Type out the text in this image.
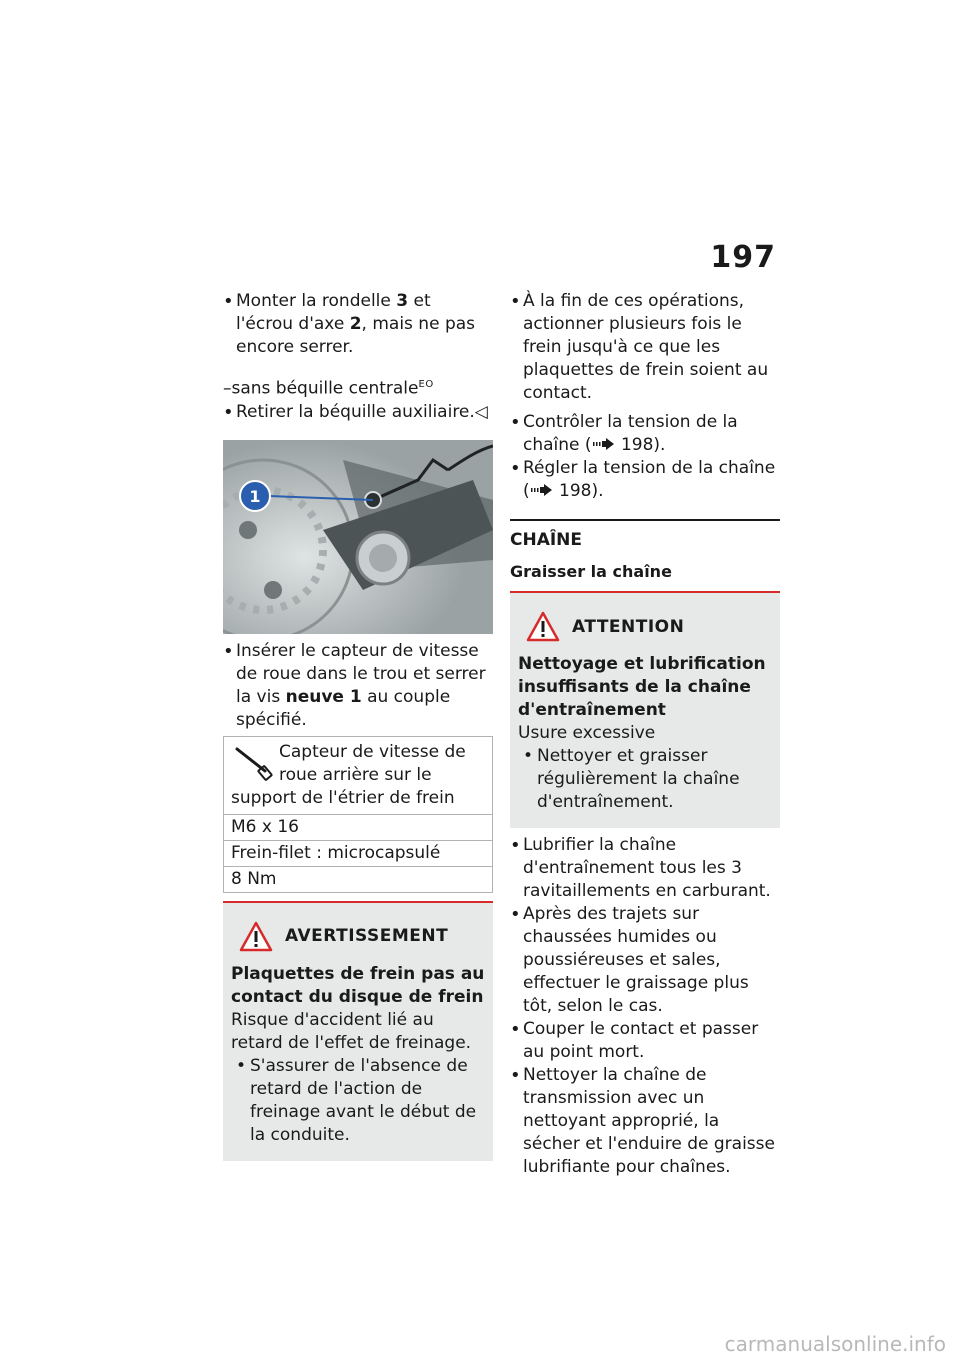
197

• Monter la rondelle 3 et l'écrou d'axe 2, mais ne pas encore serrer.

–sans béquille centrale$^{EO}$

• Retirer la béquille auxiliaire.◁

1

• Insérer le capteur de vitesse de roue dans le trou et serrer la vis neuve 1 au couple spécifié.

Capteur de vitesse de roue arrière sur le support de l'étrier de frein
M6 x 16
Frein-filet : microcapsulé
8 Nm
AVERTISSEMENT

Plaquettes de frein pas au contact du disque de frein

Risque d'accident lié au retard de l'effet de freinage.

• S'assurer de l'absence de retard de l'action de freinage avant le début de la conduite.

• À la fin de ces opérations, actionner plusieurs fois le frein jusqu'à ce que les plaquettes de frein soient au contact.

• Contrôler la tension de la chaîne ( 198).

• Régler la tension de la chaîne ( 198).

CHAÎNE

Graisser la chaîne

ATTENTION

Nettoyage et lubrification insuffisants de la chaîne d'entraînement

Usure excessive

• Nettoyer et graisser régulièrement la chaîne d'entraînement.

• Lubrifier la chaîne d'entraînement tous les 3 ravitaillements en carburant.

• Après des trajets sur chaussées humides ou poussiéreuses et sales, effectuer le graissage plus tôt, selon le cas.

• Couper le contact et passer au point mort.

• Nettoyer la chaîne de transmission avec un nettoyant approprié, la sécher et l'enduire de graisse lubrifiante pour chaînes.

carmanualsonline.info
